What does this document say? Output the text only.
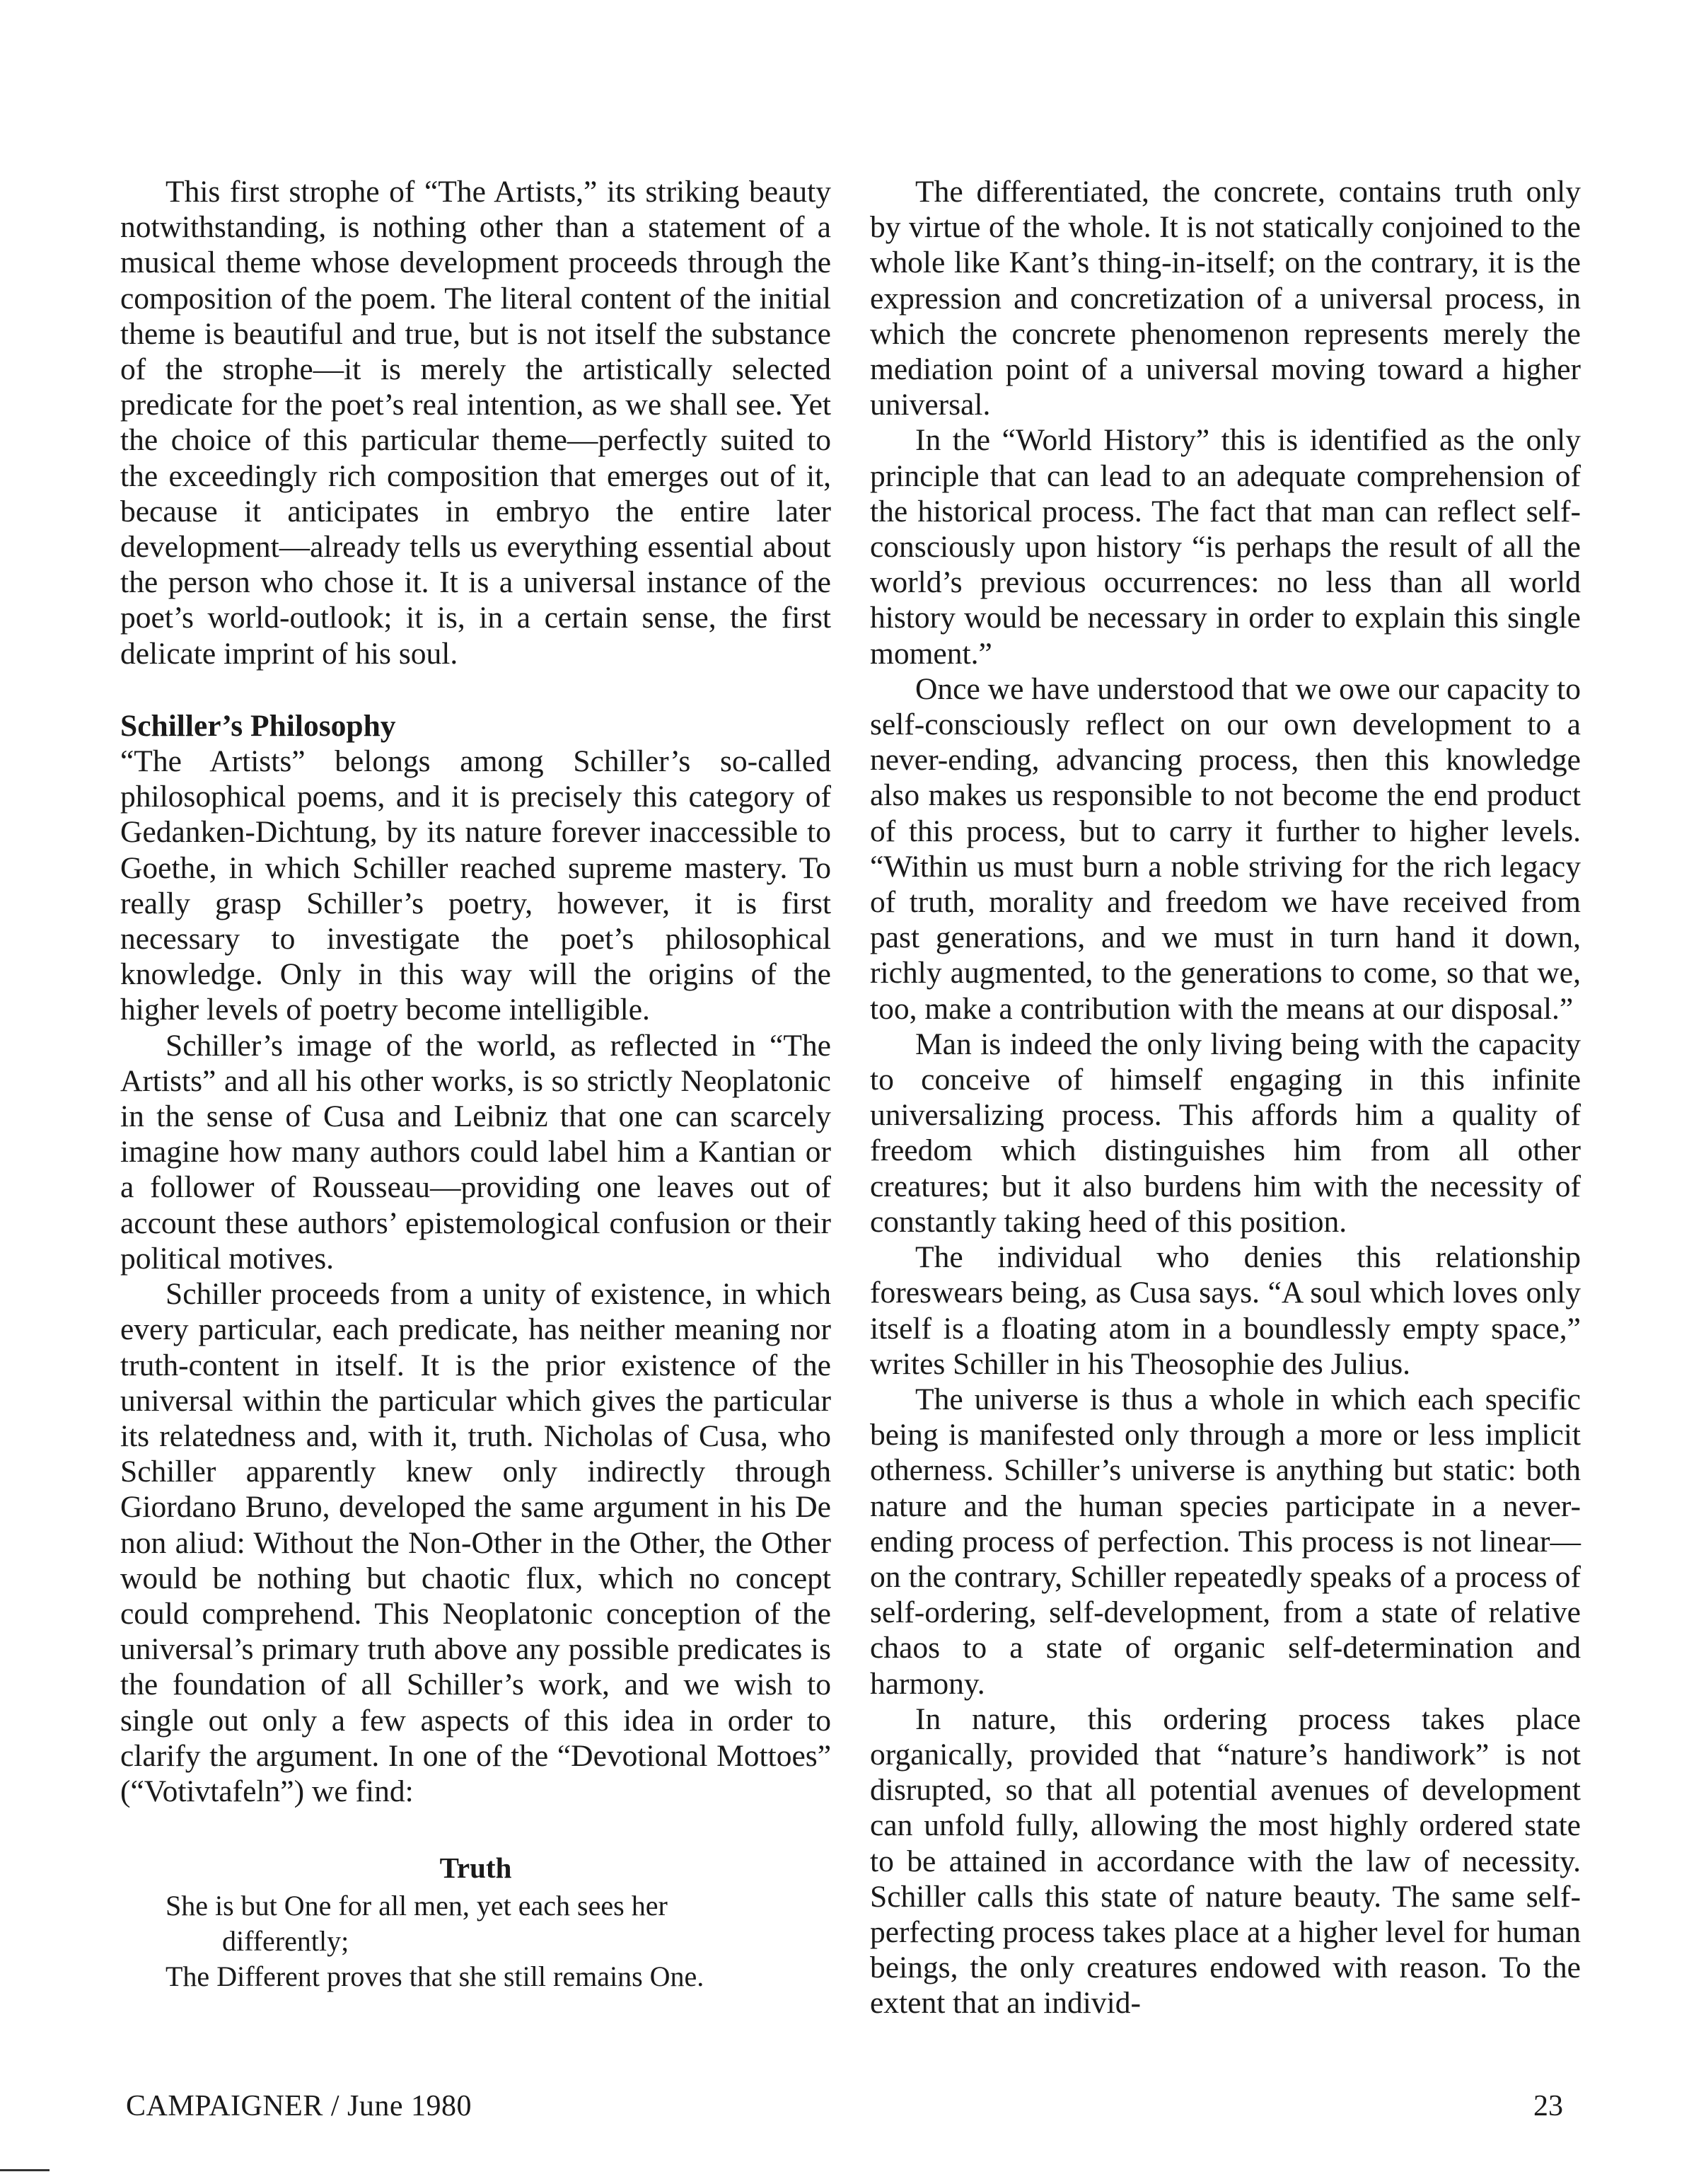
This first strophe of “The Artists,” its striking beauty notwithstanding, is nothing other than a statement of a musical theme whose development proceeds through the composition of the poem. The literal content of the initial theme is beautiful and true, but is not itself the substance of the strophe—it is merely the artistically selected predicate for the poet’s real intention, as we shall see. Yet the choice of this particular theme—perfectly suited to the exceedingly rich composition that emerges out of it, because it anticipates in embryo the entire later development—already tells us everything essential about the person who chose it. It is a universal instance of the poet’s world-outlook; it is, in a certain sense, the first delicate imprint of his soul.

Schiller’s Philosophy

“The Artists” belongs among Schiller’s so-called philosophical poems, and it is precisely this category of Gedanken-Dichtung, by its nature forever inaccessible to Goethe, in which Schiller reached supreme mastery. To really grasp Schiller’s poetry, however, it is first necessary to investigate the poet’s philosophical knowledge. Only in this way will the origins of the higher levels of poetry become intelligible.

Schiller’s image of the world, as reflected in “The Artists” and all his other works, is so strictly Neoplatonic in the sense of Cusa and Leibniz that one can scarcely imagine how many authors could label him a Kantian or a follower of Rousseau—providing one leaves out of account these authors’ epistemological confusion or their political motives.

Schiller proceeds from a unity of existence, in which every particular, each predicate, has neither meaning nor truth-content in itself. It is the prior existence of the universal within the particular which gives the particular its relatedness and, with it, truth. Nicholas of Cusa, who Schiller apparently knew only indirectly through Giordano Bruno, developed the same argument in his De non aliud: Without the Non-Other in the Other, the Other would be nothing but chaotic flux, which no concept could comprehend. This Neoplatonic conception of the universal’s primary truth above any possible predicates is the foundation of all Schiller’s work, and we wish to single out only a few aspects of this idea in order to clarify the argument. In one of the “Devotional Mottoes” (“Votivtafeln”) we find:

Truth
She is but One for all men, yet each sees her
differently;
The Different proves that she still remains One.

The differentiated, the concrete, contains truth only by virtue of the whole. It is not statically conjoined to the whole like Kant’s thing-in-itself; on the contrary, it is the expression and concretization of a universal process, in which the concrete phenomenon represents merely the mediation point of a universal moving toward a higher universal.

In the “World History” this is identified as the only principle that can lead to an adequate comprehension of the historical process. The fact that man can reflect self-consciously upon history “is perhaps the result of all the world’s previous occurrences: no less than all world history would be necessary in order to explain this single moment.”

Once we have understood that we owe our capacity to self-consciously reflect on our own development to a never-ending, advancing process, then this knowledge also makes us responsible to not become the end product of this process, but to carry it further to higher levels. “Within us must burn a noble striving for the rich legacy of truth, morality and freedom we have received from past generations, and we must in turn hand it down, richly augmented, to the generations to come, so that we, too, make a contribution with the means at our disposal.”

Man is indeed the only living being with the capacity to conceive of himself engaging in this infinite universalizing process. This affords him a quality of freedom which distinguishes him from all other creatures; but it also burdens him with the necessity of constantly taking heed of this position.

The individual who denies this relationship foreswears being, as Cusa says. “A soul which loves only itself is a floating atom in a boundlessly empty space,” writes Schiller in his Theosophie des Julius.

The universe is thus a whole in which each specific being is manifested only through a more or less implicit otherness. Schiller’s universe is anything but static: both nature and the human species participate in a never-ending process of perfection. This process is not linear—on the contrary, Schiller repeatedly speaks of a process of self-ordering, self-development, from a state of relative chaos to a state of organic self-determination and harmony.

In nature, this ordering process takes place organically, provided that “nature’s handiwork” is not disrupted, so that all potential avenues of development can unfold fully, allowing the most highly ordered state to be attained in accordance with the law of necessity. Schiller calls this state of nature beauty. The same self-perfecting process takes place at a higher level for human beings, the only creatures endowed with reason. To the extent that an individ-

CAMPAIGNER / June 1980	23
